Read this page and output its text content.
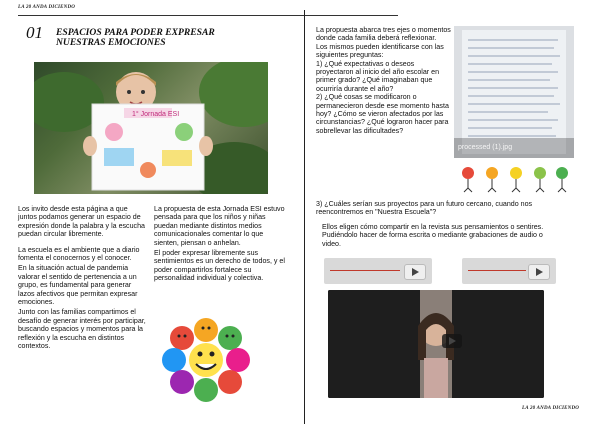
LA 20 ANDA DICIENDO
01 ESPACIOS PARA PODER EXPRESAR NUESTRAS EMOCIONES
1° Jornada ESI

Los invito desde esta página a que juntos podamos generar un espacio de expresión donde la palabra y la escucha puedan circular libremente.

La escuela es el ambiente que a diario fomenta el conocernos y el conocer.

En la situación actual de pandemia valorar el sentido de pertenencia a un grupo, es fundamental para generar lazos afectivos que permitan expresar emociones.

Junto con las familias compartimos el desafío de generar interés por participar, buscando espacios y momentos para la reflexión y la escucha en distintos contextos.

La propuesta de esta Jornada ESI estuvo pensada para que los niños y niñas puedan mediante distintos medios comunicacionales comentar lo que sienten, piensan o anhelan.

El poder expresar libremente sus sentimientos es un derecho de todos, y el poder compartirlos fortalece su personalidad individual y colectiva.

La propuesta abarca tres ejes o momentos donde cada familia deberá reflexionar.

Los mismos pueden identificarse con las siguientes preguntas:

1) ¿Qué expectativas o deseos proyectaron al inicio del año escolar en primer grado? ¿Qué imaginaban que ocurriría durante el año?

2) ¿Qué cosas se modificaron o permanecieron desde ese momento hasta hoy? ¿Cómo se vieron afectados por las circunstancias? ¿Qué lograron hacer para sobrellevar las dificultades?

processed (1).jpg
3) ¿Cuáles serían sus proyectos para un futuro cercano, cuando nos reencontremos en "Nuestra Escuela"?
Ellos eligen cómo compartir en la revista sus pensamientos o sentires. Pudiéndolo hacer de forma escrita o mediante grabaciones de audio o video.
LA 20 ANDA DICIENDO
